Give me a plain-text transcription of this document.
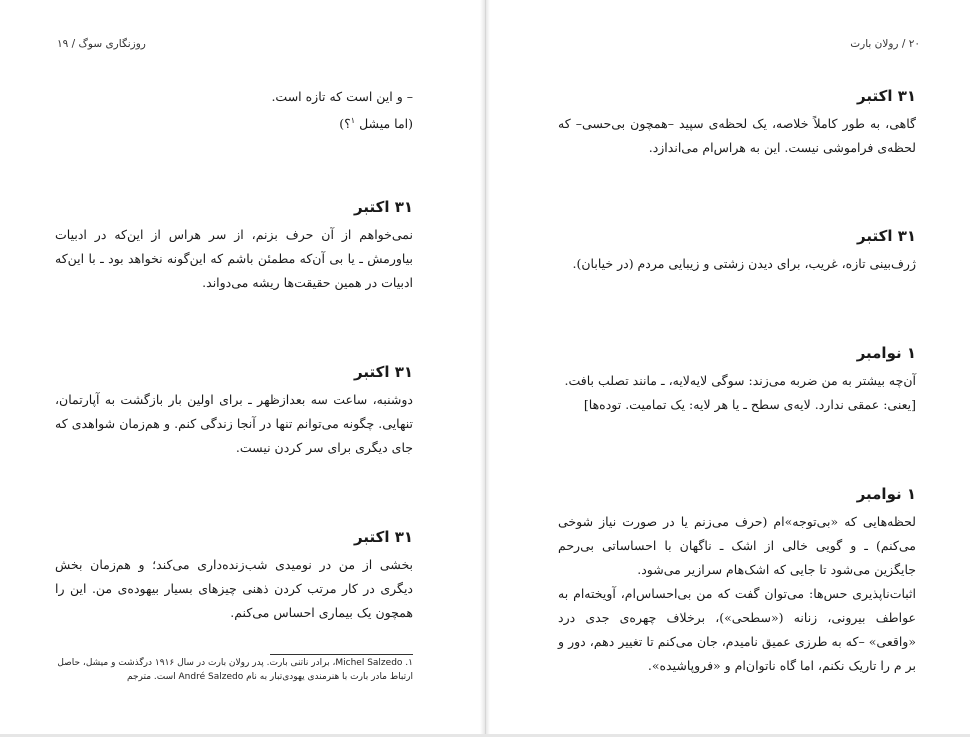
روزنگاری سوگ / ۱۹

– و این است که تازه است.

(اما میشل $^۱$؟)

۳۱ اکتبر

نمی‌خواهم از آن حرف بزنم، از سر هراس از این‌که در ادبیات بیاورمش ـ یا بی آن‌که مطمئن باشم که این‌گونه نخواهد بود ـ با این‌که ادبیات در همین حقیقت‌ها ریشه می‌دواند.

۳۱ اکتبر

دوشنبه، ساعت سه بعدازظهر ـ برای اولین بار بازگشت به آپارتمان، تنهایی. چگونه می‌توانم تنها در آنجا زندگی کنم. و هم‌زمان شواهدی که جای دیگری برای سر کردن نیست.

۳۱ اکتبر

بخشی از من در نومیدی شب‌زنده‌داری می‌کند؛ و هم‌زمان بخش دیگری در کار مرتب کردن ذهنی چیزهای بسیار بیهوده‌ی من. این را همچون یک بیماری احساس می‌کنم.

۱. Michel Salzedo، برادر ناتنی بارت. پدر رولان بارت در سال ۱۹۱۶ درگذشت و میشل، حاصل ارتباط مادر بارت با هنرمندی یهودی‌تبار به نام André Salzedo است. مترجم
۲۰ / رولان بارت
۳۱ اکتبر

گاهی، به طور کاملاً خلاصه، یک لحظه‌ی سپید –همچون بی‌حسی– که لحظه‌ی فراموشی نیست. این به هراس‌ام می‌اندازد.

۳۱ اکتبر

ژرف‌بینی تازه، غریب، برای دیدن زشتی و زیبایی مردم (در خیابان).

۱ نوامبر

آن‌چه بیشتر به من ضربه می‌زند: سوگی لایه‌لایه، ـ مانند تصلب بافت.

[یعنی: عمقی ندارد. لایه‌ی سطح ـ یا هر لایه: یک تمامیت. توده‌ها]

۱ نوامبر

لحظه‌هایی که «بی‌توجه»ام (حرف می‌زنم یا در صورت نیاز شوخی می‌کنم) ـ و گویی خالی از اشک ـ ناگهان با احساساتی بی‌رحم جایگزین می‌شود تا جایی که اشک‌هام سرازیر می‌شود.

اثبات‌ناپذیری حس‌ها: می‌توان گفت که من بی‌احساس‌ام، آویخته‌ام به عواطف بیرونی، زنانه («سطحی»)، برخلاف چهره‌ی جدی درد «واقعی» –که به طرزی عمیق نامیدم، جان می‌کنم تا تغییر دهم، دور و بر م را تاریک نکنم، اما گاه ناتوان‌ام و «فروپاشیده».
